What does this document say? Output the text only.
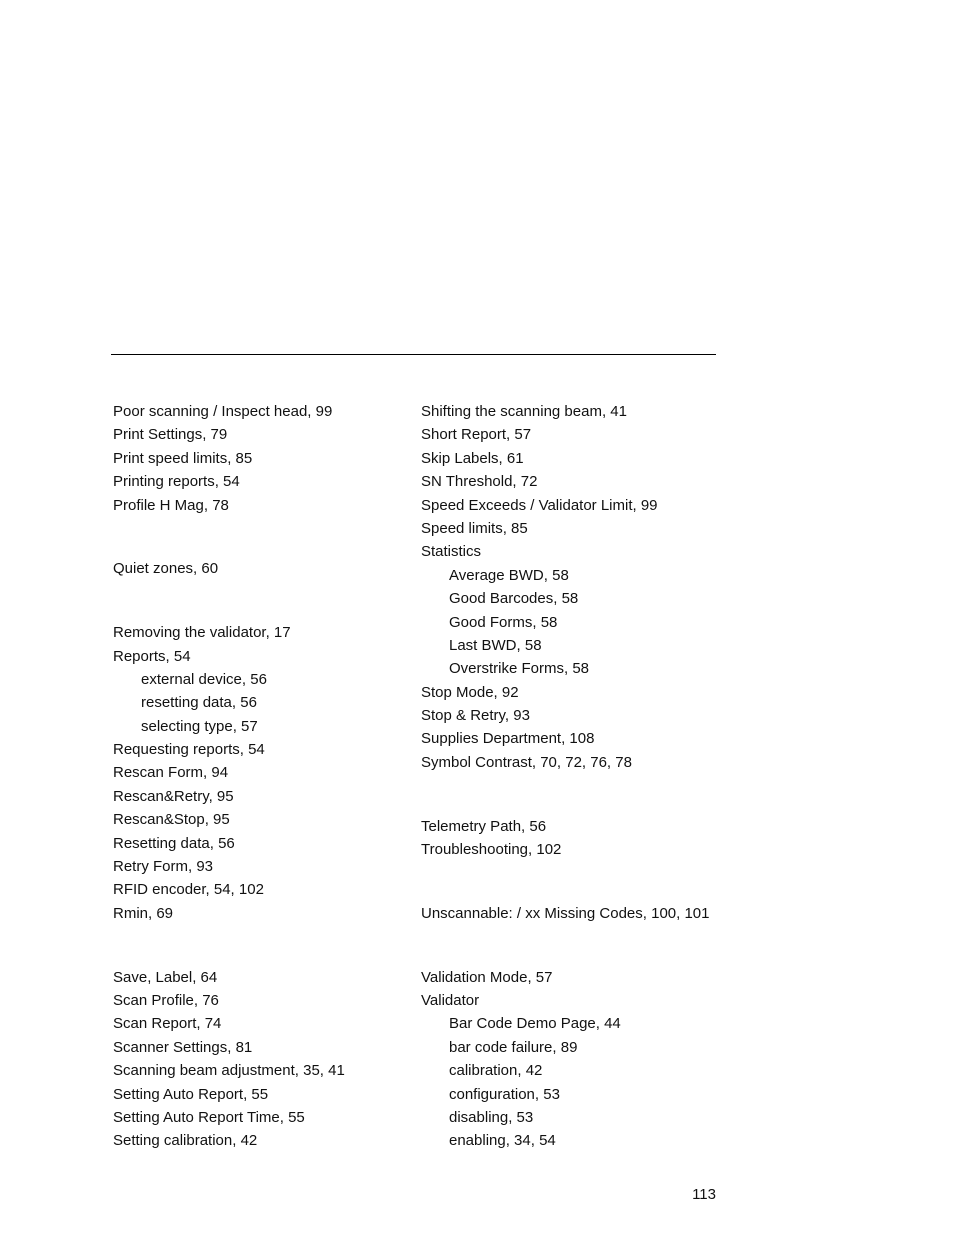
Poor scanning / Inspect head, 99
Print Settings, 79
Print speed limits, 85
Printing reports, 54
Profile H Mag, 78
Quiet zones, 60
Removing the validator, 17
Reports, 54
external device, 56
resetting data, 56
selecting type, 57
Requesting reports, 54
Rescan Form, 94
Rescan&Retry, 95
Rescan&Stop, 95
Resetting data, 56
Retry Form, 93
RFID encoder, 54, 102
Rmin, 69
Save, Label, 64
Scan Profile, 76
Scan Report, 74
Scanner Settings, 81
Scanning beam adjustment, 35, 41
Setting Auto Report, 55
Setting Auto Report Time, 55
Setting calibration, 42
Shifting the scanning beam, 41
Short Report, 57
Skip Labels, 61
SN Threshold, 72
Speed Exceeds / Validator Limit, 99
Speed limits, 85
Statistics
Average BWD, 58
Good Barcodes, 58
Good Forms, 58
Last BWD, 58
Overstrike Forms, 58
Stop Mode, 92
Stop & Retry, 93
Supplies Department, 108
Symbol Contrast, 70, 72, 76, 78
Telemetry Path, 56
Troubleshooting, 102
Unscannable: / xx Missing Codes, 100, 101
Validation Mode, 57
Validator
Bar Code Demo Page, 44
bar code failure, 89
calibration, 42
configuration, 53
disabling, 53
enabling, 34, 54
113
